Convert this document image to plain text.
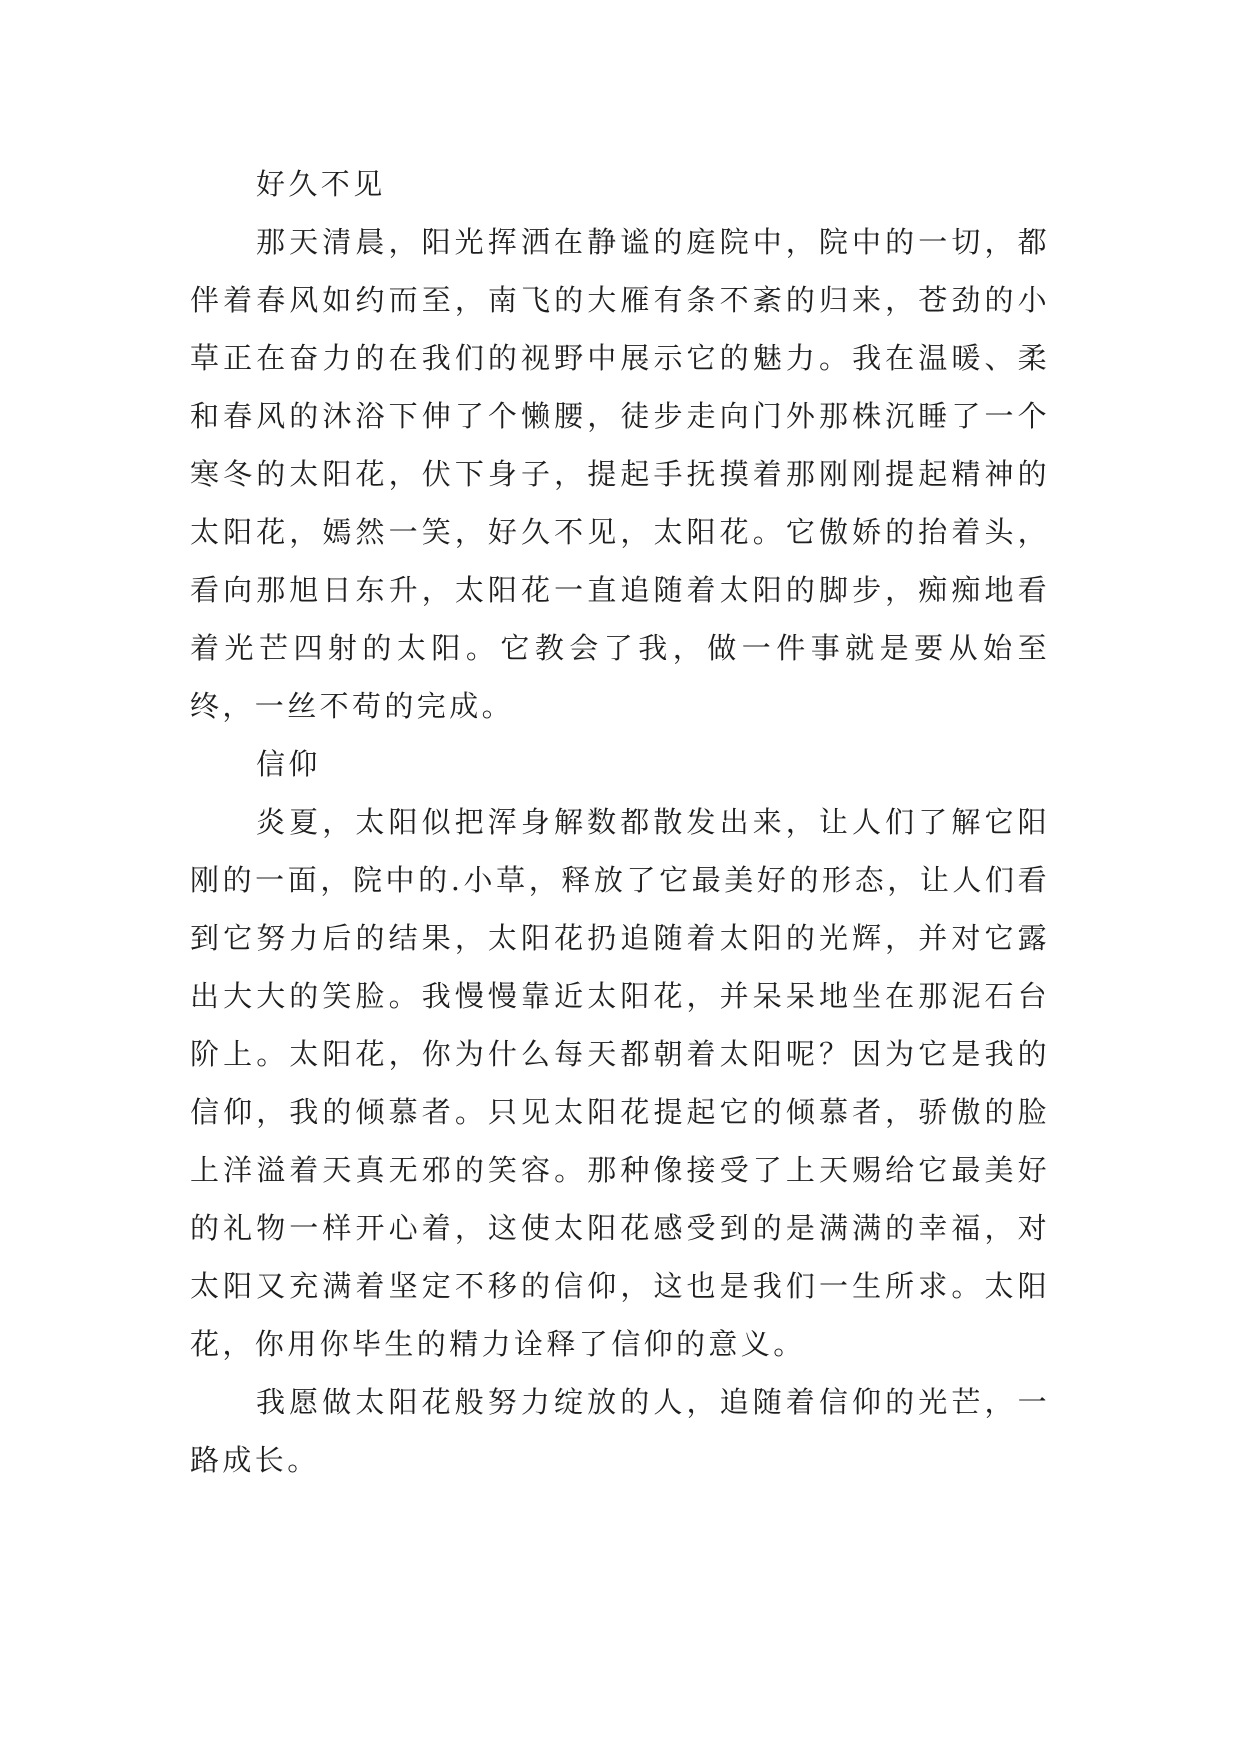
好久不见

那天清晨，阳光挥洒在静谧的庭院中，院中的一切，都伴着春风如约而至，南飞的大雁有条不紊的归来，苍劲的小草正在奋力的在我们的视野中展示它的魅力。我在温暖、柔和春风的沐浴下伸了个懒腰，徒步走向门外那株沉睡了一个寒冬的太阳花，伏下身子，提起手抚摸着那刚刚提起精神的太阳花，嫣然一笑，好久不见，太阳花。它傲娇的抬着头，看向那旭日东升，太阳花一直追随着太阳的脚步，痴痴地看着光芒四射的太阳。它教会了我，做一件事就是要从始至终，一丝不苟的完成。

信仰

炎夏，太阳似把浑身解数都散发出来，让人们了解它阳刚的一面，院中的.小草，释放了它最美好的形态，让人们看到它努力后的结果，太阳花扔追随着太阳的光辉，并对它露出大大的笑脸。我慢慢靠近太阳花，并呆呆地坐在那泥石台阶上。太阳花，你为什么每天都朝着太阳呢？因为它是我的信仰，我的倾慕者。只见太阳花提起它的倾慕者，骄傲的脸上洋溢着天真无邪的笑容。那种像接受了上天赐给它最美好的礼物一样开心着，这使太阳花感受到的是满满的幸福，对太阳又充满着坚定不移的信仰，这也是我们一生所求。太阳花，你用你毕生的精力诠释了信仰的意义。

我愿做太阳花般努力绽放的人，追随着信仰的光芒，一路成长。
